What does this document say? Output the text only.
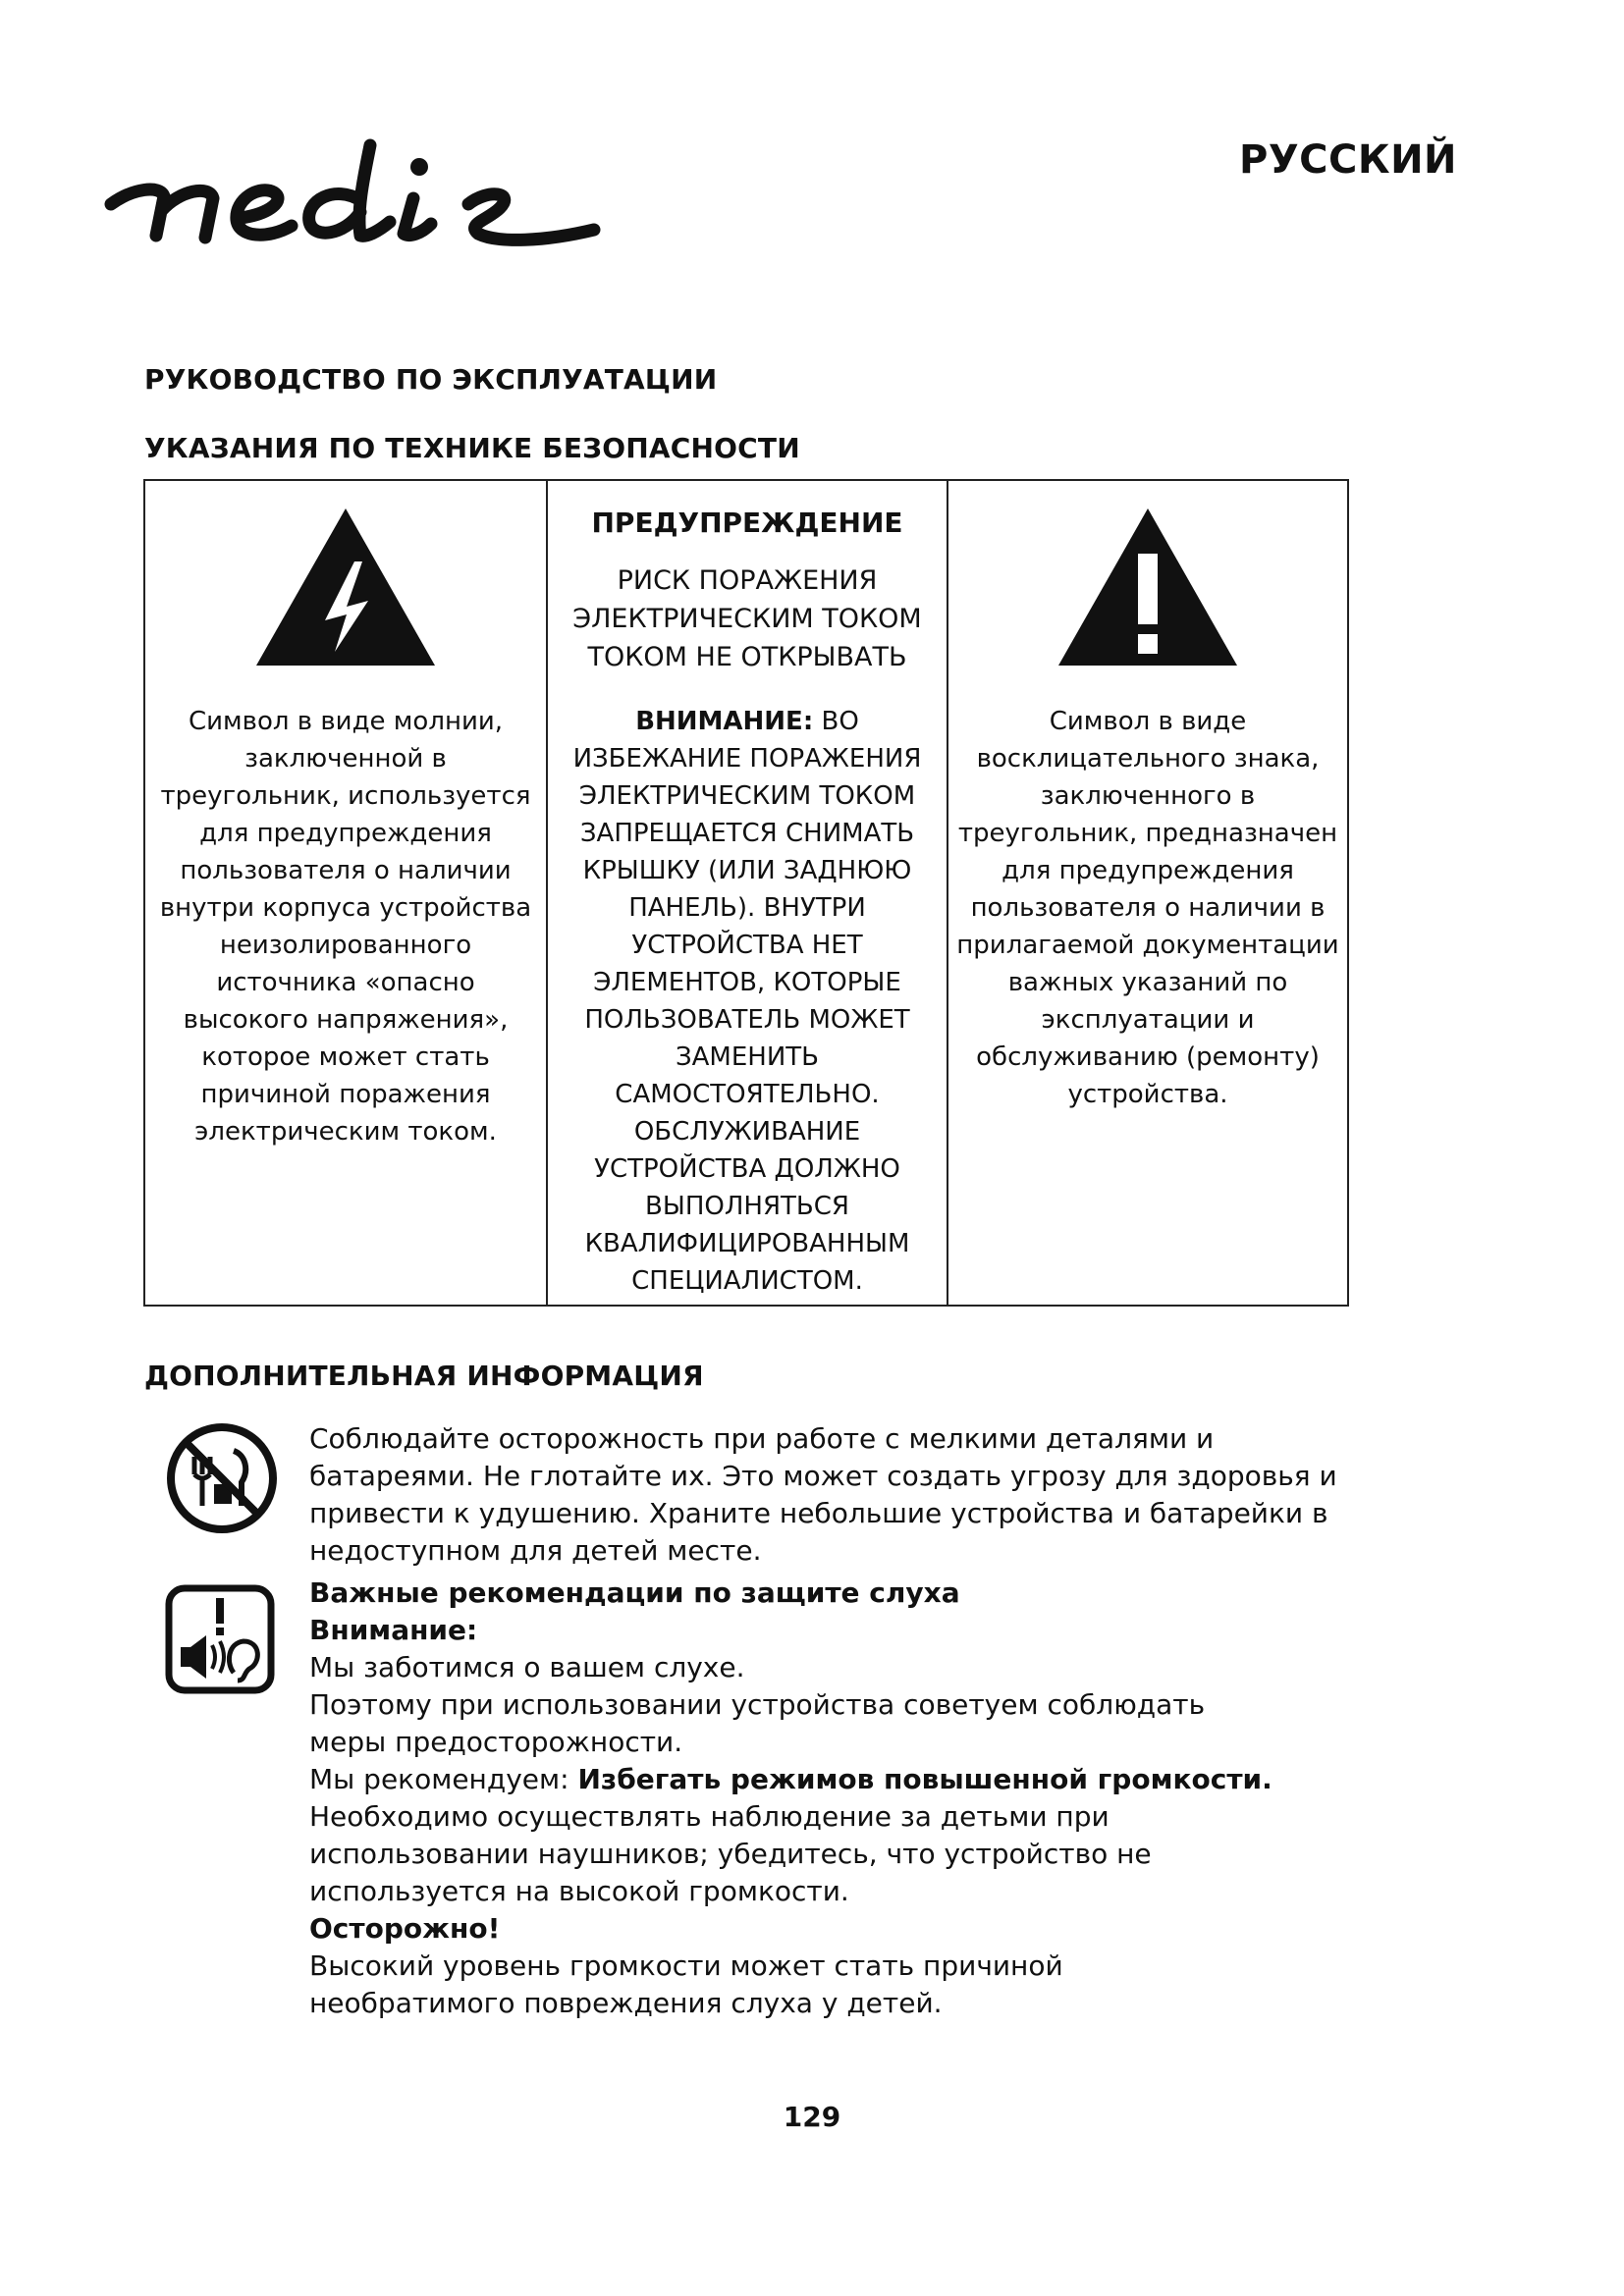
РУССКИЙ
РУКОВОДСТВО ПО ЭКСПЛУАТАЦИИ
УКАЗАНИЯ ПО ТЕХНИКЕ БЕЗОПАСНОСТИ
Символ в виде молнии, заключенной в треугольник, используется для предупреждения пользователя о наличии внутри корпуса устройства неизолированного источника «опасно высокого напряжения», которое может стать причиной поражения электрическим током.
ПРЕДУПРЕЖДЕНИЕ
РИСК ПОРАЖЕНИЯ ЭЛЕКТРИЧЕСКИМ ТОКОМ ТОКОМ НЕ ОТКРЫВАТЬ
ВНИМАНИЕ: ВО ИЗБЕЖАНИЕ ПОРАЖЕНИЯ ЭЛЕКТРИЧЕСКИМ ТОКОМ ЗАПРЕЩАЕТСЯ СНИМАТЬ КРЫШКУ (ИЛИ ЗАДНЮЮ ПАНЕЛЬ). ВНУТРИ УСТРОЙСТВА НЕТ ЭЛЕМЕНТОВ, КОТОРЫЕ ПОЛЬЗОВАТЕЛЬ МОЖЕТ ЗАМЕНИТЬ САМОСТОЯТЕЛЬНО. ОБСЛУЖИВАНИЕ УСТРОЙСТВА ДОЛЖНО ВЫПОЛНЯТЬСЯ КВАЛИФИЦИРОВАННЫМ СПЕЦИАЛИСТОМ.
Символ в виде восклицательного знака, заключенного в треугольник, предназначен для предупреждения пользователя о наличии в прилагаемой документации важных указаний по эксплуатации и обслуживанию (ремонту) устройства.
ДОПОЛНИТЕЛЬНАЯ ИНФОРМАЦИЯ
Соблюдайте осторожность при работе с мелкими деталями и батареями. Не глотайте их. Это может создать угрозу для здоровья и привести к удушению. Храните небольшие устройства и батарейки в недоступном для детей месте.
Важные рекомендации по защите слуха
Внимание:
Мы заботимся о вашем слухе.
Поэтому при использовании устройства советуем соблюдать меры предосторожности.
Мы рекомендуем: Избегать режимов повышенной громкости.
Необходимо осуществлять наблюдение за детьми при использовании наушников; убедитесь, что устройство не используется на высокой громкости.
Осторожно!
Высокий уровень громкости может стать причиной необратимого повреждения слуха у детей.
129
